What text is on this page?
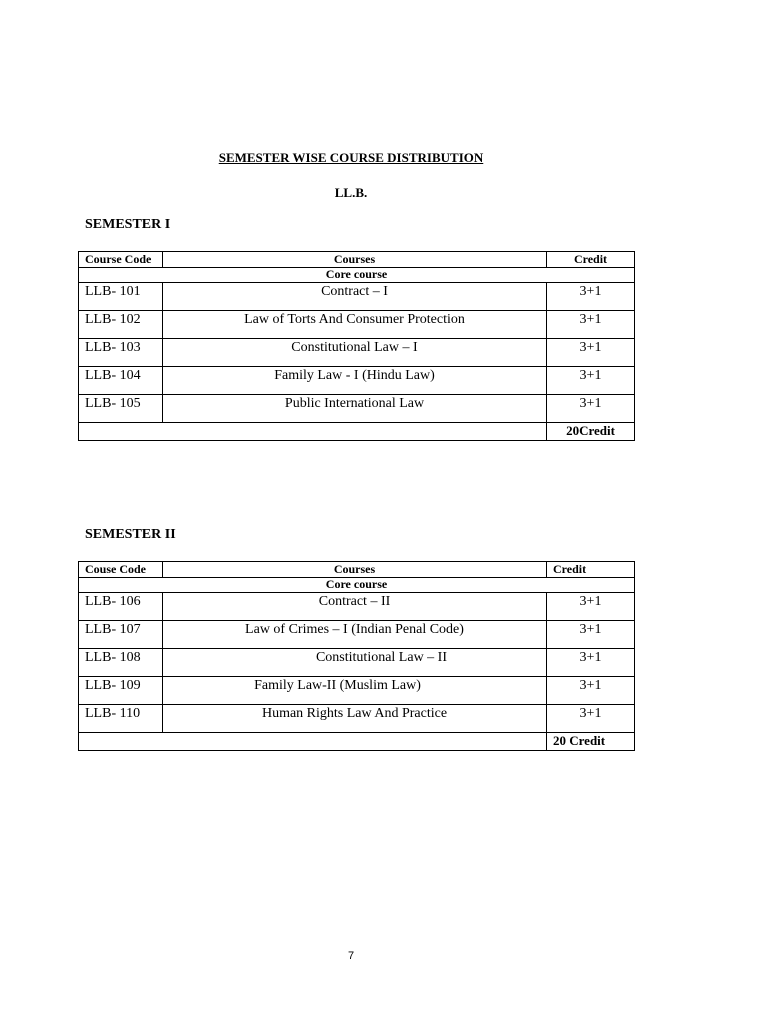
SEMESTER WISE COURSE DISTRIBUTION
LL.B.
SEMESTER I
Course Code	Courses	Credit
Core course		
LLB- 101	Contract – I	3+1
LLB- 102	Law of Torts And Consumer Protection	3+1
LLB- 103	Constitutional Law – I	3+1
LLB- 104	Family Law - I (Hindu Law)	3+1
LLB- 105	Public International Law	3+1
		20Credit
SEMESTER II
Couse Code	Courses	Credit
Core course		
LLB- 106	Contract – II	3+1
LLB- 107	Law of Crimes – I (Indian Penal Code)	3+1
LLB- 108	Constitutional Law – II	3+1
LLB- 109	Family Law-II (Muslim Law)	3+1
LLB- 110	Human Rights Law And Practice	3+1
		20 Credit
7
